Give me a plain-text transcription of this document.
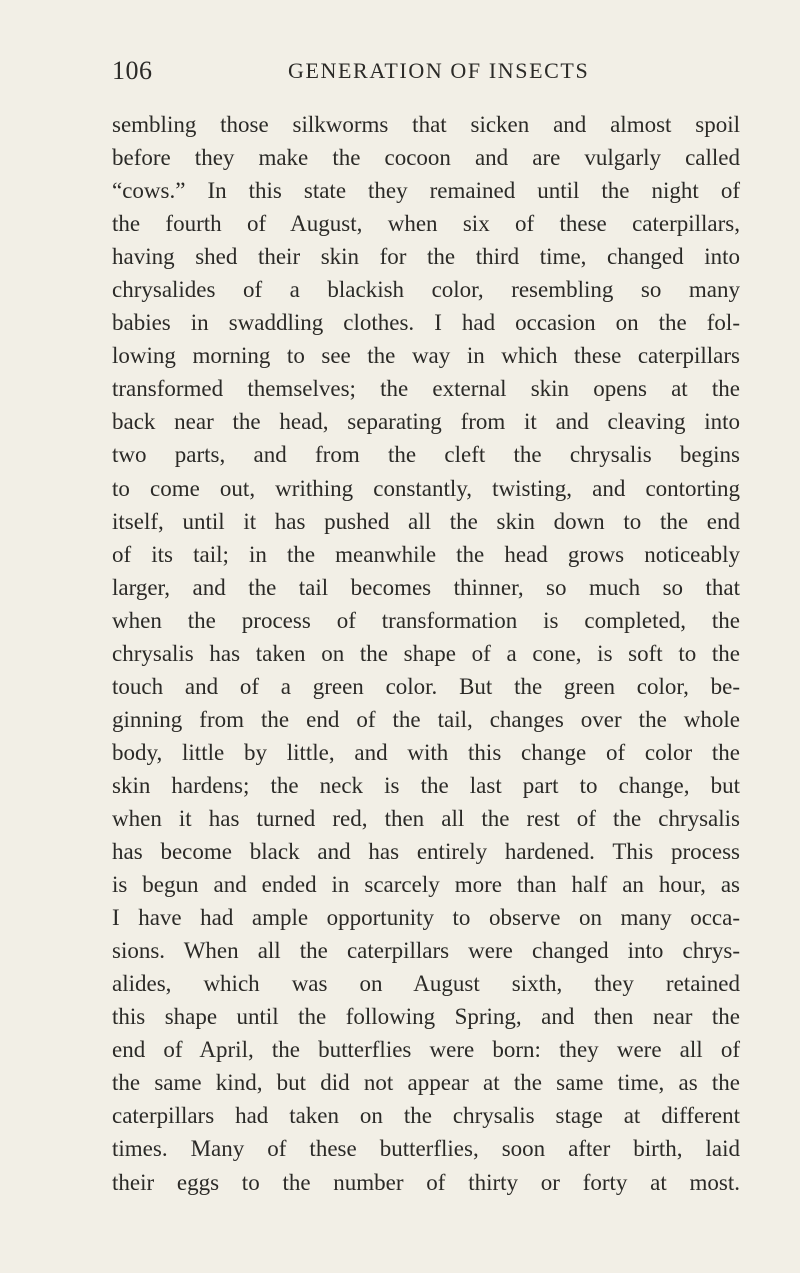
106	GENERATION OF INSECTS
sembling those silkworms that sicken and almost spoil
before they make the cocoon and are vulgarly called
“cows.” In this state they remained until the night of
the fourth of August, when six of these caterpillars,
having shed their skin for the third time, changed into
chrysalides of a blackish color, resembling so many
babies in swaddling clothes. I had occasion on the fol-
lowing morning to see the way in which these caterpillars
transformed themselves; the external skin opens at the
back near the head, separating from it and cleaving into
two parts, and from the cleft the chrysalis begins
to come out, writhing constantly, twisting, and contorting
itself, until it has pushed all the skin down to the end
of its tail; in the meanwhile the head grows noticeably
larger, and the tail becomes thinner, so much so that
when the process of transformation is completed, the
chrysalis has taken on the shape of a cone, is soft to the
touch and of a green color. But the green color, be-
ginning from the end of the tail, changes over the whole
body, little by little, and with this change of color the
skin hardens; the neck is the last part to change, but
when it has turned red, then all the rest of the chrysalis
has become black and has entirely hardened. This process
is begun and ended in scarcely more than half an hour, as
I have had ample opportunity to observe on many occa-
sions. When all the caterpillars were changed into chrys-
alides, which was on August sixth, they retained
this shape until the following Spring, and then near the
end of April, the butterflies were born: they were all of
the same kind, but did not appear at the same time, as the
caterpillars had taken on the chrysalis stage at different
times. Many of these butterflies, soon after birth, laid
their eggs to the number of thirty or forty at most.
